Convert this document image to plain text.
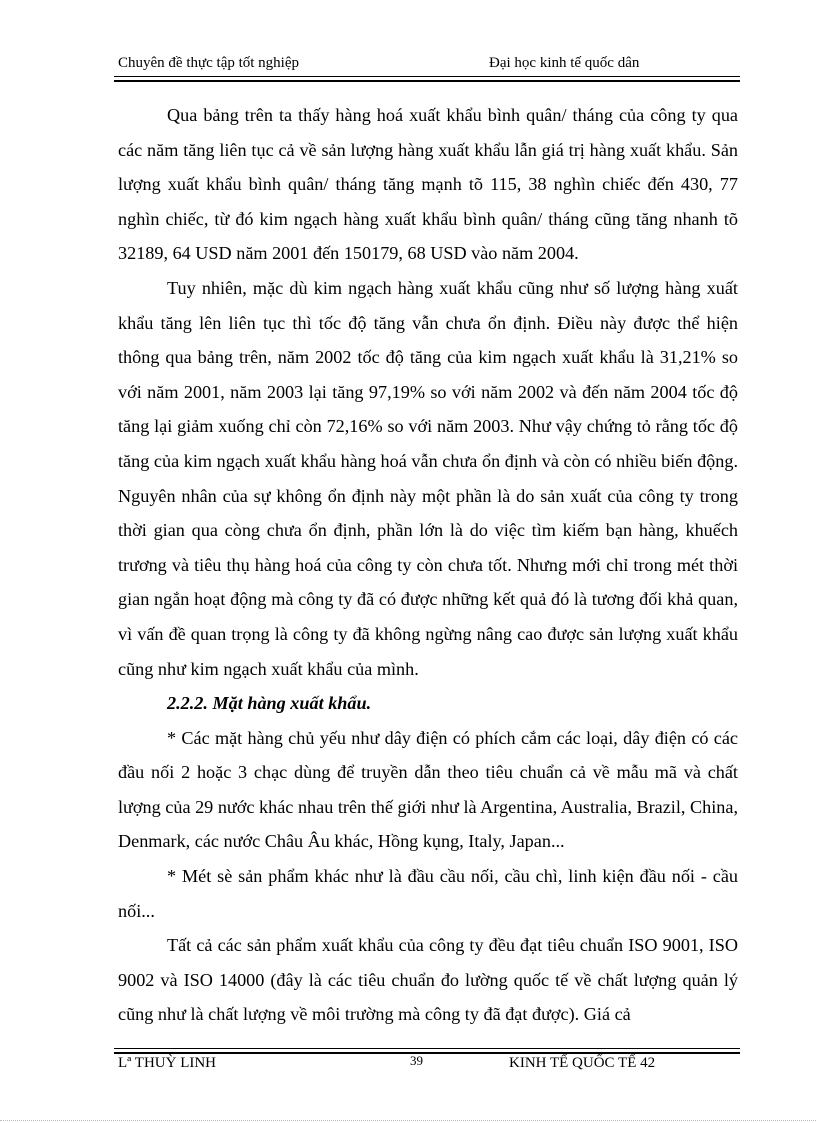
Chuyên đề thực tập tốt nghiệp	Đại học kinh tế quốc dân

Qua bảng trên ta thấy hàng hoá xuất khẩu bình quân/ tháng của công ty qua các năm tăng liên tục cả về sản lượng hàng xuất khẩu lẫn giá trị hàng xuất khẩu. Sản lượng xuất khẩu bình quân/ tháng tăng mạnh tõ 115, 38 nghìn chiếc đến 430, 77 nghìn chiếc, từ đó kim ngạch hàng xuất khẩu bình quân/ tháng cũng tăng nhanh tõ 32189, 64 USD năm 2001 đến 150179, 68 USD vào năm 2004.

Tuy nhiên, mặc dù kim ngạch hàng xuất khẩu cũng như số lượng hàng xuất khẩu tăng lên liên tục thì tốc độ tăng vẫn chưa ổn định. Điều này được thể hiện thông qua bảng trên, năm 2002 tốc độ tăng của kim ngạch xuất khẩu là 31,21% so với năm 2001, năm 2003 lại tăng 97,19% so với năm 2002 và đến năm 2004 tốc độ tăng lại giảm xuống chỉ còn 72,16% so với năm 2003. Như vậy chứng tỏ rằng tốc độ tăng của kim ngạch xuất khẩu hàng hoá vẫn chưa ổn định và còn có nhiều biến động. Nguyên nhân của sự không ổn định này một phần là do sản xuất của công ty trong thời gian qua còng chưa ổn định, phần lớn là do việc tìm kiếm bạn hàng, khuếch trương và tiêu thụ hàng hoá của công ty còn chưa tốt. Nhưng mới chỉ trong mét thời gian ngắn hoạt động mà công ty đã có được những kết quả đó là tương đối khả quan, vì vấn đề quan trọng là công ty đã không ngừng nâng cao được sản lượng xuất khẩu cũng như kim ngạch xuất khẩu của mình.

2.2.2. Mặt hàng xuất khẩu.

* Các mặt hàng chủ yếu như dây điện có phích cắm các loại, dây điện có các đầu nối 2 hoặc 3 chạc dùng để truyền dẫn theo tiêu chuẩn cả về mẫu mã và chất lượng của 29 nước khác nhau trên thế giới như là Argentina, Australia, Brazil, China, Denmark, các nước Châu Âu khác, Hồng kụng, Italy, Japan...

* Mét sè sản phẩm khác như là đầu cầu nối, cầu chì, linh kiện đầu nối - cầu nối...

Tất cả các sản phẩm xuất khẩu của công ty đều đạt tiêu chuẩn ISO 9001, ISO 9002 và ISO 14000 (đây là các tiêu chuẩn đo lường quốc tế về chất lượng quản lý cũng như là chất lượng về môi trường mà công ty đã đạt được). Giá cả

Lª THUỲ LINH	39	KINH TẾ QUỐC TẾ 42
